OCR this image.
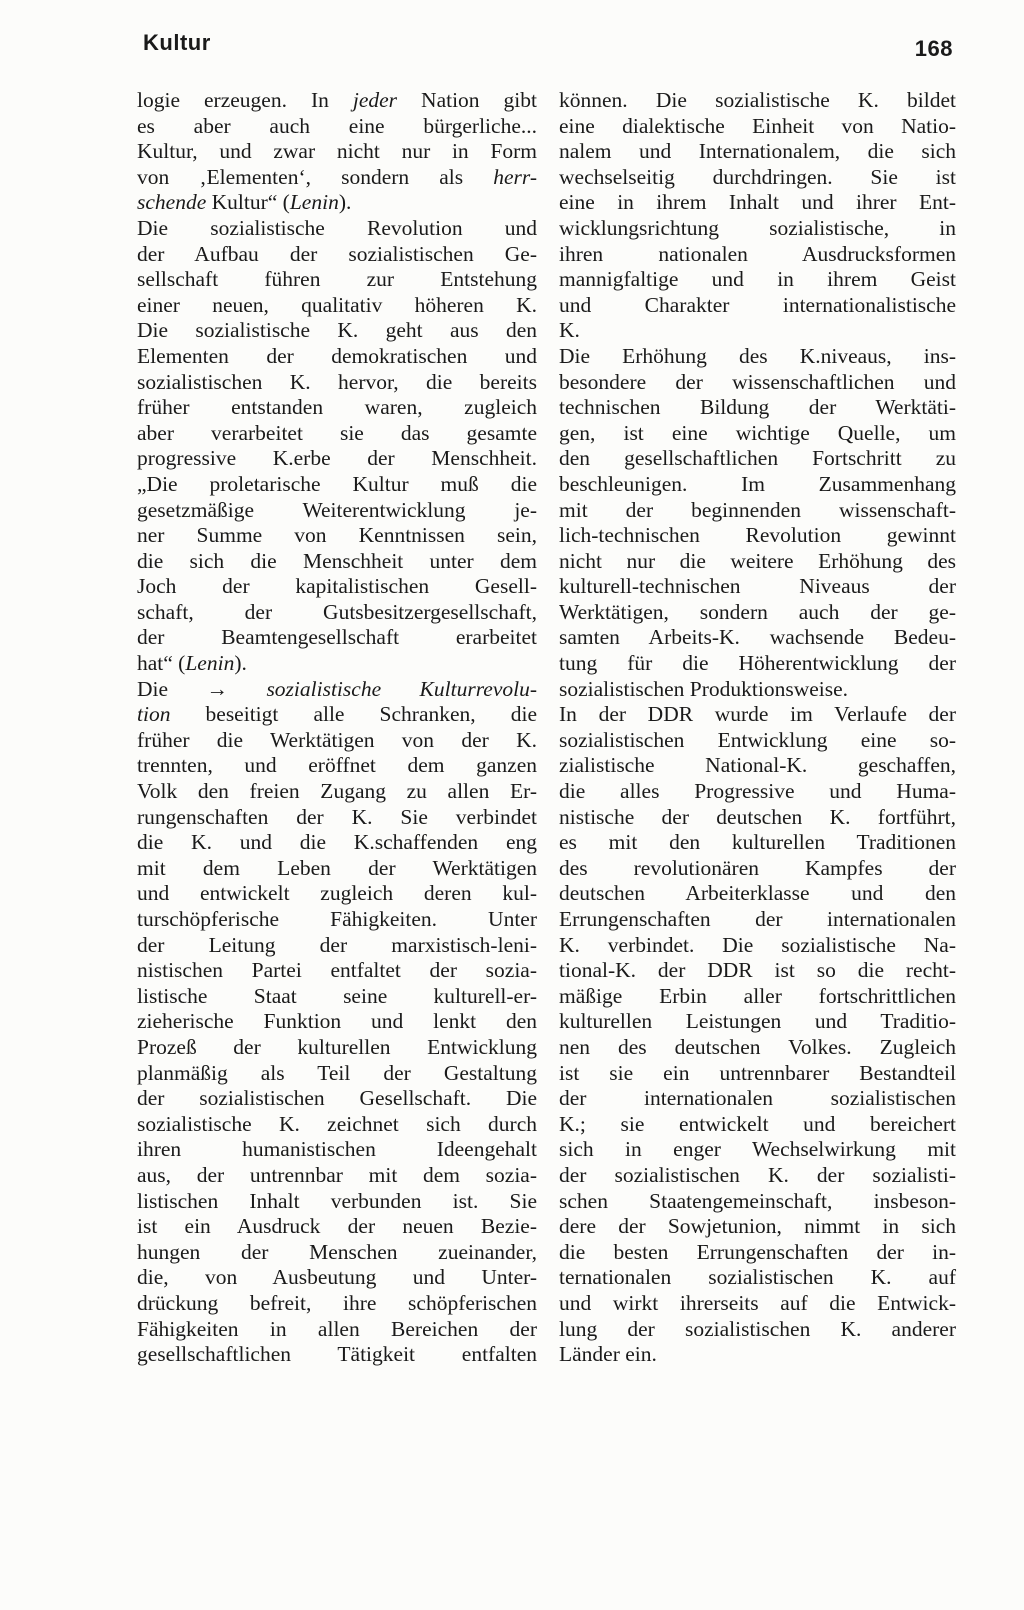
Kultur	168
logie erzeugen. In jeder Nation gibt
es aber auch eine bürgerliche...
Kultur, und zwar nicht nur in Form
von ‚Elementen‘, sondern als herr-
schende Kultur“ (Lenin).
Die sozialistische Revolution und
der Aufbau der sozialistischen Ge-
sellschaft führen zur Entstehung
einer neuen, qualitativ höheren K.
Die sozialistische K. geht aus den
Elementen der demokratischen und
sozialistischen K. hervor, die bereits
früher entstanden waren, zugleich
aber verarbeitet sie das gesamte
progressive K.erbe der Menschheit.
„Die proletarische Kultur muß die
gesetzmäßige Weiterentwicklung je-
ner Summe von Kenntnissen sein,
die sich die Menschheit unter dem
Joch der kapitalistischen Gesell-
schaft, der Gutsbesitzergesellschaft,
der Beamtengesellschaft erarbeitet
hat“ (Lenin).
Die → sozialistische Kulturrevolu-
tion beseitigt alle Schranken, die
früher die Werktätigen von der K.
trennten, und eröffnet dem ganzen
Volk den freien Zugang zu allen Er-
rungenschaften der K. Sie verbindet
die K. und die K.schaffenden eng
mit dem Leben der Werktätigen
und entwickelt zugleich deren kul-
turschöpferische Fähigkeiten. Unter
der Leitung der marxistisch-leni-
nistischen Partei entfaltet der sozia-
listische Staat seine kulturell-er-
zieherische Funktion und lenkt den
Prozeß der kulturellen Entwicklung
planmäßig als Teil der Gestaltung
der sozialistischen Gesellschaft. Die
sozialistische K. zeichnet sich durch
ihren humanistischen Ideengehalt
aus, der untrennbar mit dem sozia-
listischen Inhalt verbunden ist. Sie
ist ein Ausdruck der neuen Bezie-
hungen der Menschen zueinander,
die, von Ausbeutung und Unter-
drückung befreit, ihre schöpferischen
Fähigkeiten in allen Bereichen der
gesellschaftlichen Tätigkeit entfalten
können. Die sozialistische K. bildet
eine dialektische Einheit von Natio-
nalem und Internationalem, die sich
wechselseitig durchdringen. Sie ist
eine in ihrem Inhalt und ihrer Ent-
wicklungsrichtung sozialistische, in
ihren nationalen Ausdrucksformen
mannigfaltige und in ihrem Geist
und Charakter internationalistische
K.
Die Erhöhung des K.niveaus, ins-
besondere der wissenschaftlichen und
technischen Bildung der Werktäti-
gen, ist eine wichtige Quelle, um
den gesellschaftlichen Fortschritt zu
beschleunigen. Im Zusammenhang
mit der beginnenden wissenschaft-
lich-technischen Revolution gewinnt
nicht nur die weitere Erhöhung des
kulturell-technischen Niveaus der
Werktätigen, sondern auch der ge-
samten Arbeits-K. wachsende Bedeu-
tung für die Höherentwicklung der
sozialistischen Produktionsweise.
In der DDR wurde im Verlaufe der
sozialistischen Entwicklung eine so-
zialistische National-K. geschaffen,
die alles Progressive und Huma-
nistische der deutschen K. fortführt,
es mit den kulturellen Traditionen
des revolutionären Kampfes der
deutschen Arbeiterklasse und den
Errungenschaften der internationalen
K. verbindet. Die sozialistische Na-
tional-K. der DDR ist so die recht-
mäßige Erbin aller fortschrittlichen
kulturellen Leistungen und Traditio-
nen des deutschen Volkes. Zugleich
ist sie ein untrennbarer Bestandteil
der internationalen sozialistischen
K.; sie entwickelt und bereichert
sich in enger Wechselwirkung mit
der sozialistischen K. der sozialisti-
schen Staatengemeinschaft, insbeson-
dere der Sowjetunion, nimmt in sich
die besten Errungenschaften der in-
ternationalen sozialistischen K. auf
und wirkt ihrerseits auf die Entwick-
lung der sozialistischen K. anderer
Länder ein.
